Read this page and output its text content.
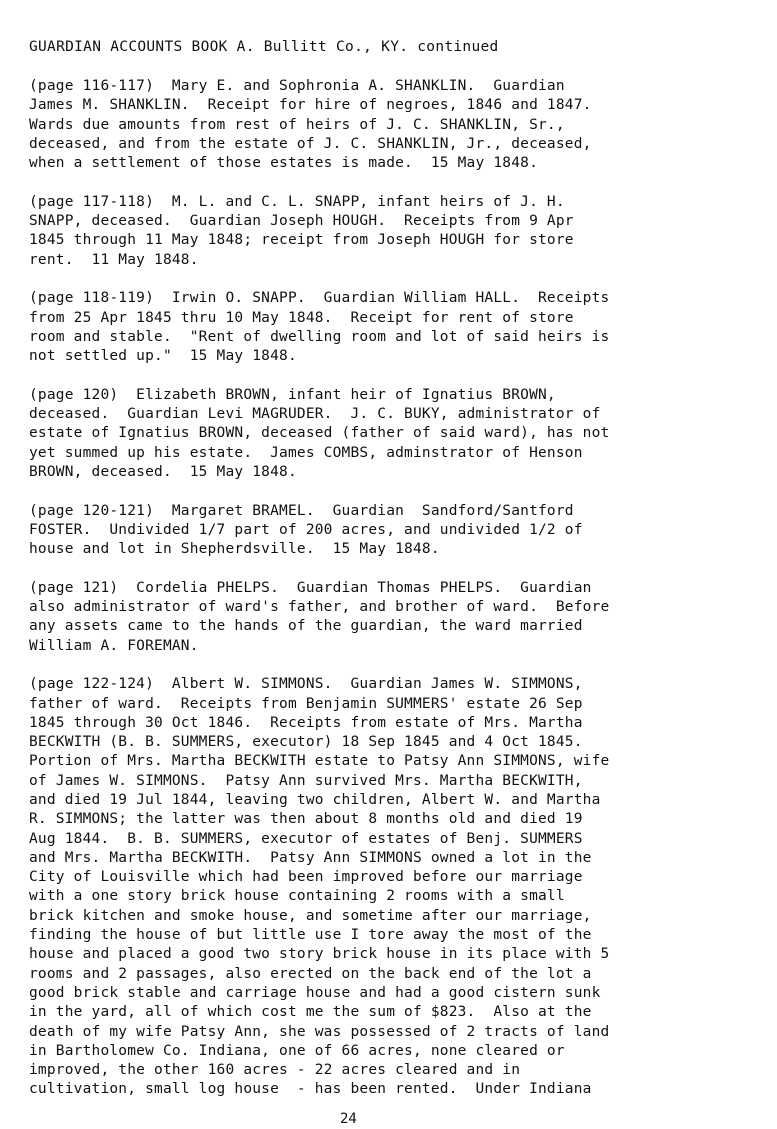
GUARDIAN ACCOUNTS BOOK A. Bullitt Co., KY. continued
(page 116-117)  Mary E. and Sophronia A. SHANKLIN.  Guardian
James M. SHANKLIN.  Receipt for hire of negroes, 1846 and 1847.
Wards due amounts from rest of heirs of J. C. SHANKLIN, Sr.,
deceased, and from the estate of J. C. SHANKLIN, Jr., deceased,
when a settlement of those estates is made.  15 May 1848.
(page 117-118)  M. L. and C. L. SNAPP, infant heirs of J. H.
SNAPP, deceased.  Guardian Joseph HOUGH.  Receipts from 9 Apr
1845 through 11 May 1848; receipt from Joseph HOUGH for store
rent.  11 May 1848.
(page 118-119)  Irwin O. SNAPP.  Guardian William HALL.  Receipts
from 25 Apr 1845 thru 10 May 1848.  Receipt for rent of store
room and stable.  "Rent of dwelling room and lot of said heirs is
not settled up."  15 May 1848.
(page 120)  Elizabeth BROWN, infant heir of Ignatius BROWN,
deceased.  Guardian Levi MAGRUDER.  J. C. BUKY, administrator of
estate of Ignatius BROWN, deceased (father of said ward), has not
yet summed up his estate.  James COMBS, adminstrator of Henson
BROWN, deceased.  15 May 1848.
(page 120-121)  Margaret BRAMEL.  Guardian  Sandford/Santford
FOSTER.  Undivided 1/7 part of 200 acres, and undivided 1/2 of
house and lot in Shepherdsville.  15 May 1848.
(page 121)  Cordelia PHELPS.  Guardian Thomas PHELPS.  Guardian
also administrator of ward's father, and brother of ward.  Before
any assets came to the hands of the guardian, the ward married
William A. FOREMAN.
(page 122-124)  Albert W. SIMMONS.  Guardian James W. SIMMONS,
father of ward.  Receipts from Benjamin SUMMERS' estate 26 Sep
1845 through 30 Oct 1846.  Receipts from estate of Mrs. Martha
BECKWITH (B. B. SUMMERS, executor) 18 Sep 1845 and 4 Oct 1845.
Portion of Mrs. Martha BECKWITH estate to Patsy Ann SIMMONS, wife
of James W. SIMMONS.  Patsy Ann survived Mrs. Martha BECKWITH,
and died 19 Jul 1844, leaving two children, Albert W. and Martha
R. SIMMONS; the latter was then about 8 months old and died 19
Aug 1844.  B. B. SUMMERS, executor of estates of Benj. SUMMERS
and Mrs. Martha BECKWITH.  Patsy Ann SIMMONS owned a lot in the
City of Louisville which had been improved before our marriage
with a one story brick house containing 2 rooms with a small
brick kitchen and smoke house, and sometime after our marriage,
finding the house of but little use I tore away the most of the
house and placed a good two story brick house in its place with 5
rooms and 2 passages, also erected on the back end of the lot a
good brick stable and carriage house and had a good cistern sunk
in the yard, all of which cost me the sum of $823.  Also at the
death of my wife Patsy Ann, she was possessed of 2 tracts of land
in Bartholomew Co. Indiana, one of 66 acres, none cleared or
improved, the other 160 acres - 22 acres cleared and in
cultivation, small log house  - has been rented.  Under Indiana
24
